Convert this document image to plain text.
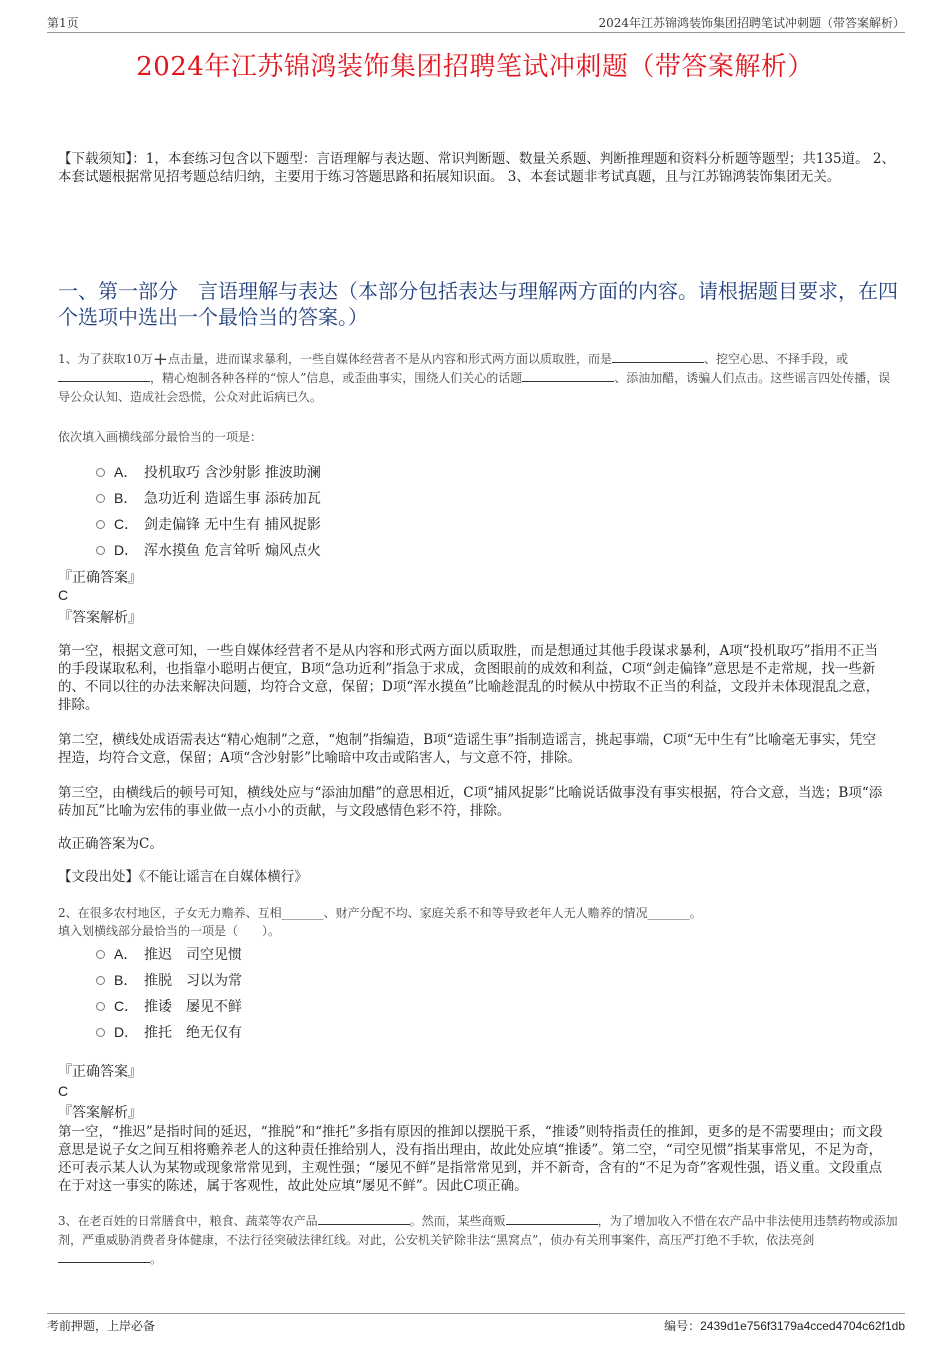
第1页	2024年江苏锦鸿装饰集团招聘笔试冲刺题（带答案解析）
2024年江苏锦鸿装饰集团招聘笔试冲刺题（带答案解析）
【下载须知】：1，本套练习包含以下题型：言语理解与表达题、常识判断题、数量关系题、判断推理题和资料分析题等题型；共135道。 2、本套试题根据常见招考题总结归纳，主要用于练习答题思路和拓展知识面。 3、本套试题非考试真题，且与江苏锦鸿装饰集团无关。
一、第一部分　言语理解与表达（本部分包括表达与理解两方面的内容。请根据题目要求，在四个选项中选出一个最恰当的答案。）
1、为了获取10万+点击量，进而谋求暴利，一些自媒体经营者不是从内容和形式两方面以质取胜，而是	、挖空心思、不择手段，或，精心炮制各种各样的“惊人”信息，或歪曲事实，围绕人们关心的话题	、添油加醋，诱骗人们点击。这些谣言四处传播，误导公众认知、造成社会恐慌，公众对此诟病已久。
依次填入画横线部分最恰当的一项是：
A． 投机取巧 含沙射影 推波助澜
B． 急功近利 造谣生事 添砖加瓦
C． 剑走偏锋 无中生有 捕风捉影
D． 浑水摸鱼 危言耸听 煽风点火
『正确答案』
C
『答案解析』
第一空，根据文意可知，一些自媒体经营者不是从内容和形式两方面以质取胜，而是想通过其他手段谋求暴利，A项“投机取巧”指用不正当的手段谋取私利，也指靠小聪明占便宜，B项“急功近利”指急于求成，贪图眼前的成效和利益，C项“剑走偏锋”意思是不走常规，找一些新的、不同以往的办法来解决问题，均符合文意，保留；D项“浑水摸鱼”比喻趁混乱的时候从中捞取不正当的利益，文段并未体现混乱之意，排除。
第二空，横线处成语需表达“精心炮制”之意，“炮制”指编造，B项“造谣生事”指制造谣言，挑起事端，C项“无中生有”比喻毫无事实，凭空捏造，均符合文意，保留；A项“含沙射影”比喻暗中攻击或陷害人，与文意不符，排除。
第三空，由横线后的顿号可知，横线处应与“添油加醋”的意思相近，C项“捕风捉影”比喻说话做事没有事实根据，符合文意，当选；B项“添砖加瓦”比喻为宏伟的事业做一点小小的贡献，与文段感情色彩不符，排除。
故正确答案为C。
【文段出处】《不能让谣言在自媒体横行》
2、在很多农村地区，子女无力赡养、互相_______、财产分配不均、家庭关系不和等导致老年人无人赡养的情况_______。
填入划横线部分最恰当的一项是（　　）。
A． 推迟　司空见惯
B． 推脱　习以为常
C． 推诿　屡见不鲜
D． 推托　绝无仅有
『正确答案』
C
『答案解析』
第一空，“推迟”是指时间的延迟，“推脱”和“推托”多指有原因的推卸以摆脱干系，“推诿”则特指责任的推卸，更多的是不需要理由；而文段意思是说子女之间互相将赡养老人的这种责任推给别人，没有指出理由，故此处应填“推诿”。第二空，“司空见惯”指某事常见，不足为奇，还可表示某人认为某物或现象常常见到，主观性强；“屡见不鲜”是指常常见到，并不新奇，含有的“不足为奇”客观性强，语义重。文段重点在于对这一事实的陈述，属于客观性，故此处应填“屡见不鲜”。因此C项正确。
3、在老百姓的日常膳食中，粮食、蔬菜等农产品	。然而，某些商贩	，为了增加收入不惜在农产品中非法使用违禁药物或添加剂，严重威胁消费者身体健康，不法行径突破法律红线。对此，公安机关铲除非法“黑窝点”，侦办有关刑事案件，高压严打绝不手软，依法亮剑。
考前押题，上岸必备	编号：2439d1e756f3179a4cced4704c62f1db
